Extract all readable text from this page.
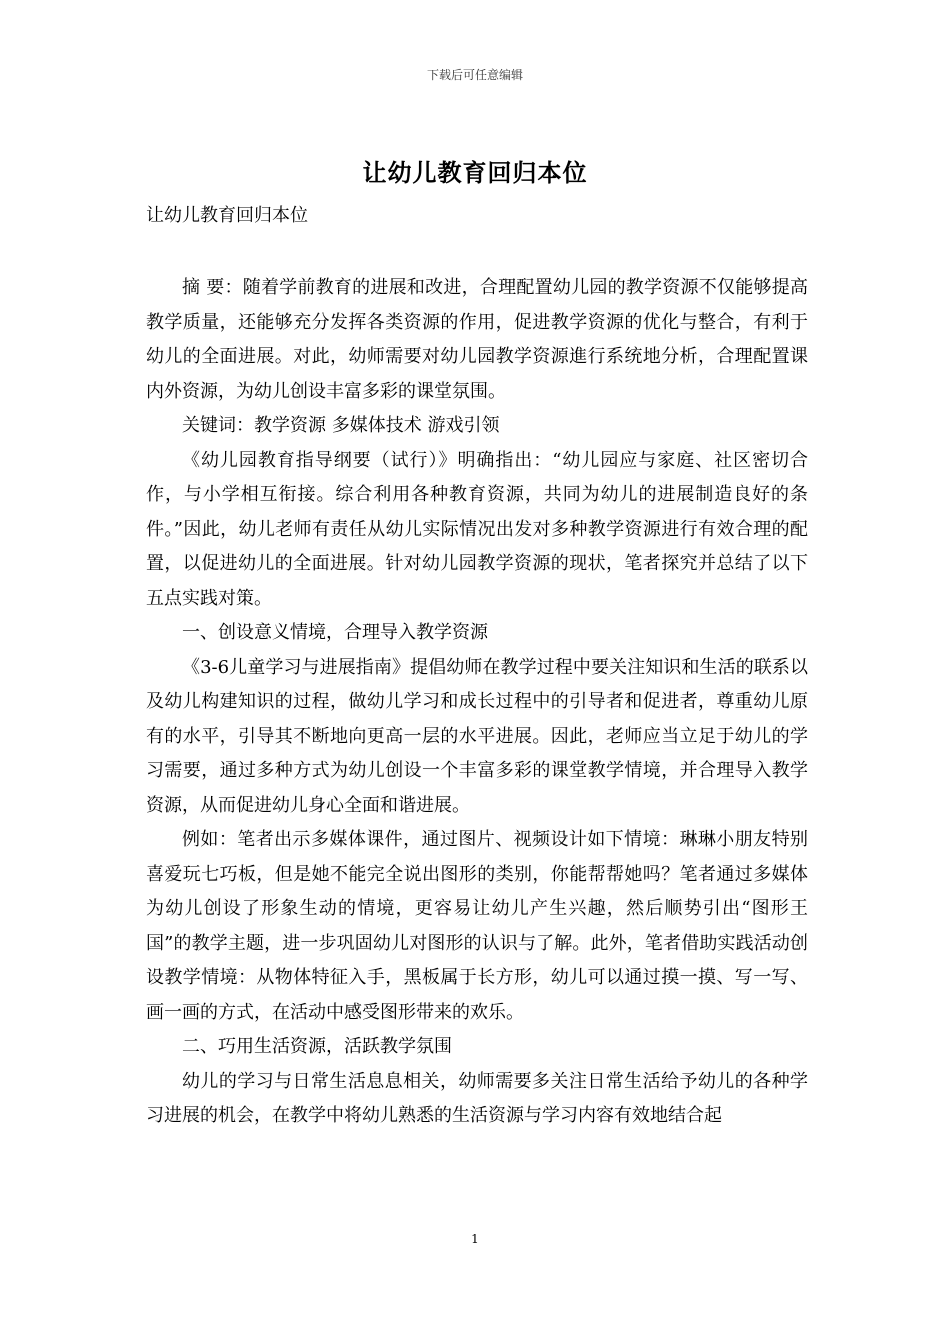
下载后可任意编辑
让幼儿教育回归本位
让幼儿教育回归本位

摘 要：随着学前教育的进展和改进，合理配置幼儿园的教学资源不仅能够提高教学质量，还能够充分发挥各类资源的作用，促进教学资源的优化与整合，有利于幼儿的全面进展。对此，幼师需要对幼儿园教学资源進行系统地分析，合理配置课内外资源，为幼儿创设丰富多彩的课堂氛围。

关键词：教学资源 多媒体技术 游戏引领

《幼儿园教育指导纲要（试行）》明确指出：“幼儿园应与家庭、社区密切合作，与小学相互衔接。综合利用各种教育资源，共同为幼儿的进展制造良好的条件。”因此，幼儿老师有责任从幼儿实际情况出发对多种教学资源进行有效合理的配置，以促进幼儿的全面进展。针对幼儿园教学资源的现状，笔者探究并总结了以下五点实践对策。

一、创设意义情境，合理导入教学资源

《3-6儿童学习与进展指南》提倡幼师在教学过程中要关注知识和生活的联系以及幼儿构建知识的过程，做幼儿学习和成长过程中的引导者和促进者，尊重幼儿原有的水平，引导其不断地向更高一层的水平进展。因此，老师应当立足于幼儿的学习需要，通过多种方式为幼儿创设一个丰富多彩的课堂教学情境，并合理导入教学资源，从而促进幼儿身心全面和谐进展。

例如：笔者出示多媒体课件，通过图片、视频设计如下情境：琳琳小朋友特别喜爱玩七巧板，但是她不能完全说出图形的类别，你能帮帮她吗？笔者通过多媒体为幼儿创设了形象生动的情境，更容易让幼儿产生兴趣，然后顺势引出“图形王国”的教学主题，进一步巩固幼儿对图形的认识与了解。此外，笔者借助实践活动创设教学情境：从物体特征入手，黑板属于长方形，幼儿可以通过摸一摸、写一写、画一画的方式，在活动中感受图形带来的欢乐。

二、巧用生活资源，活跃教学氛围

幼儿的学习与日常生活息息相关，幼师需要多关注日常生活给予幼儿的各种学习进展的机会，在教学中将幼儿熟悉的生活资源与学习内容有效地结合起

1
